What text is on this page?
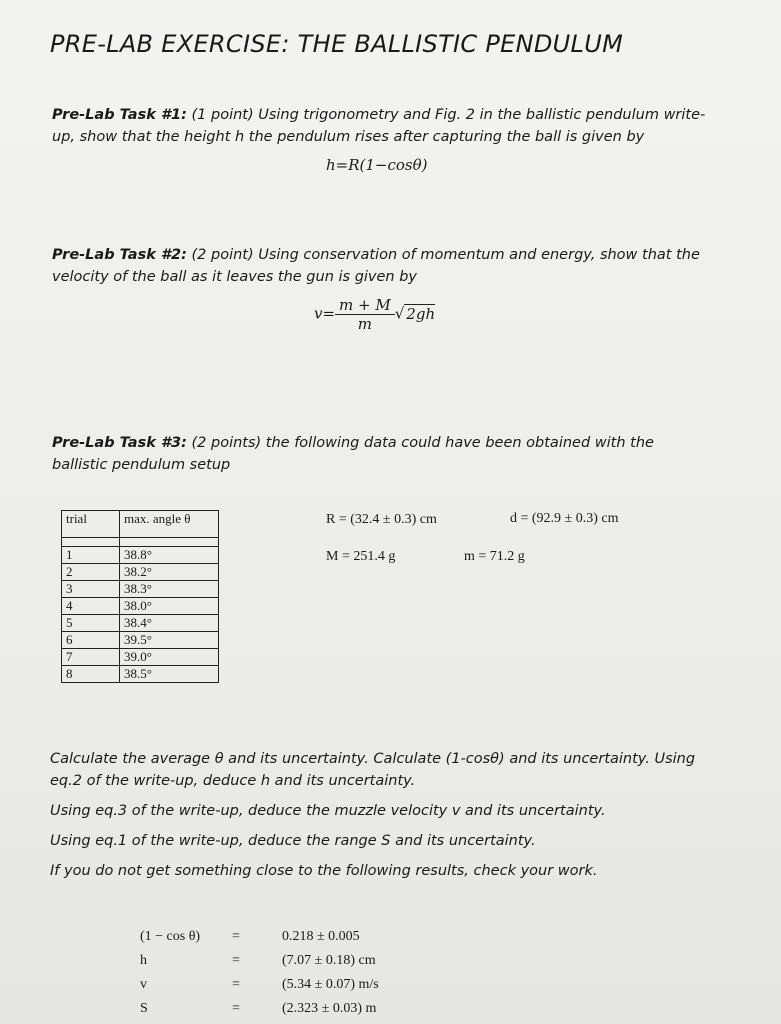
PRE-LAB EXERCISE: THE BALLISTIC PENDULUM
Pre-Lab Task #1: (1 point) Using trigonometry and Fig. 2 in the ballistic pendulum write-
up, show that the height h the pendulum rises after capturing the ball is given by
h=R(1−cosθ)
Pre-Lab Task #2: (2 point) Using conservation of momentum and energy, show that the
velocity of the ball as it leaves the gun is given by
$v= \frac{m + M}{m}$ √ 2gh
Pre-Lab Task #3: (2 points) the following data could have been obtained with the
ballistic pendulum setup
trial	max. angle θ

1	38.8°
2	38.2°
3	38.3°
4	38.0°
5	38.4°
6	39.5°
7	39.0°
8	38.5°
R = (32.4 ± 0.3) cm	d = (92.9 ± 0.3) cm
M = 251.4 g	m = 71.2 g
Calculate the average θ and its uncertainty. Calculate (1-cosθ) and its uncertainty. Using
eq.2 of the write-up, deduce h and its uncertainty.
Using eq.3 of the write-up, deduce the muzzle velocity v and its uncertainty.
Using eq.1 of the write-up, deduce the range S and its uncertainty.
If you do not get something close to the following results, check your work.
(1 − cos θ)	=	0.218 ± 0.005
h	=	(7.07 ± 0.18) cm
v	=	(5.34 ± 0.07) m/s
S	=	(2.323 ± 0.03) m
